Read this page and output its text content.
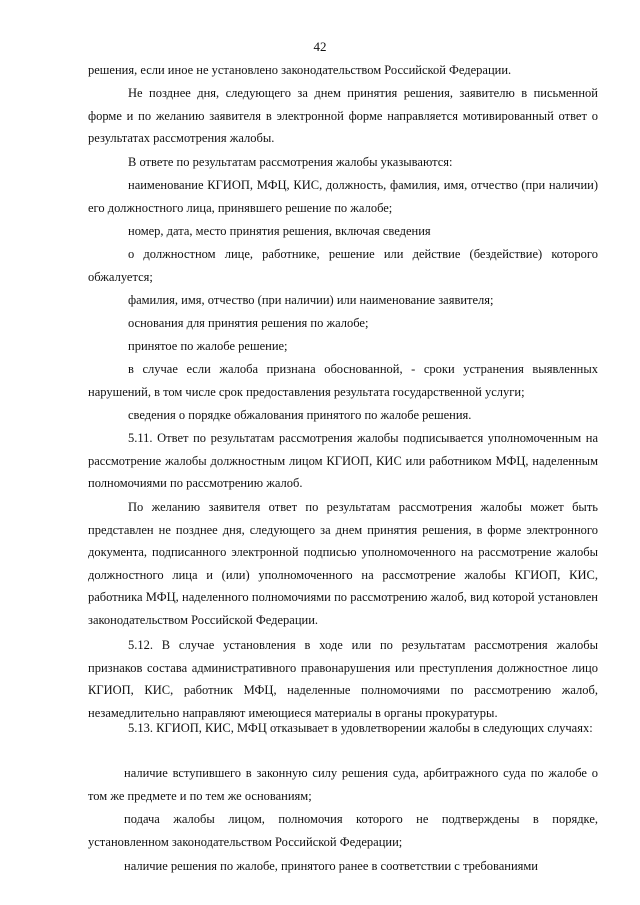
42

решения, если иное не установлено законодательством Российской Федерации.

Не позднее дня, следующего за днем принятия решения, заявителю в письменной форме и по желанию заявителя в электронной форме направляется мотивированный ответ о результатах рассмотрения жалобы.

В ответе по результатам рассмотрения жалобы указываются:

наименование КГИОП, МФЦ, КИС, должность, фамилия, имя, отчество (при наличии) его должностного лица, принявшего решение по жалобе;

номер, дата, место принятия решения, включая сведения

о должностном лице, работнике, решение или действие (бездействие) которого обжалуется;

фамилия, имя, отчество (при наличии) или наименование заявителя;

основания для принятия решения по жалобе;

принятое по жалобе решение;

в случае если жалоба признана обоснованной, - сроки устранения выявленных нарушений, в том числе срок предоставления результата государственной услуги;

сведения о порядке обжалования принятого по жалобе решения.

5.11. Ответ по результатам рассмотрения жалобы подписывается уполномоченным на рассмотрение жалобы должностным лицом КГИОП, КИС или работником МФЦ, наделенным полномочиями по рассмотрению жалоб.

По желанию заявителя ответ по результатам рассмотрения жалобы может быть представлен не позднее дня, следующего за днем принятия решения, в форме электронного документа, подписанного электронной подписью уполномоченного на рассмотрение жалобы должностного лица и (или) уполномоченного на рассмотрение жалобы КГИОП, КИС, работника МФЦ, наделенного полномочиями по рассмотрению жалоб, вид которой установлен законодательством Российской Федерации.

5.12. В случае установления в ходе или по результатам рассмотрения жалобы признаков состава административного правонарушения или преступления должностное лицо КГИОП, КИС, работник МФЦ, наделенные полномочиями по рассмотрению жалоб, незамедлительно направляют имеющиеся материалы в органы прокуратуры.

5.13. КГИОП, КИС, МФЦ отказывает в удовлетворении жалобы в следующих случаях:

наличие вступившего в законную силу решения суда, арбитражного суда по жалобе о том же предмете и по тем же основаниям;

подача жалобы лицом, полномочия которого не подтверждены в порядке, установленном законодательством Российской Федерации;

наличие решения по жалобе, принятого ранее в соответствии с требованиями
